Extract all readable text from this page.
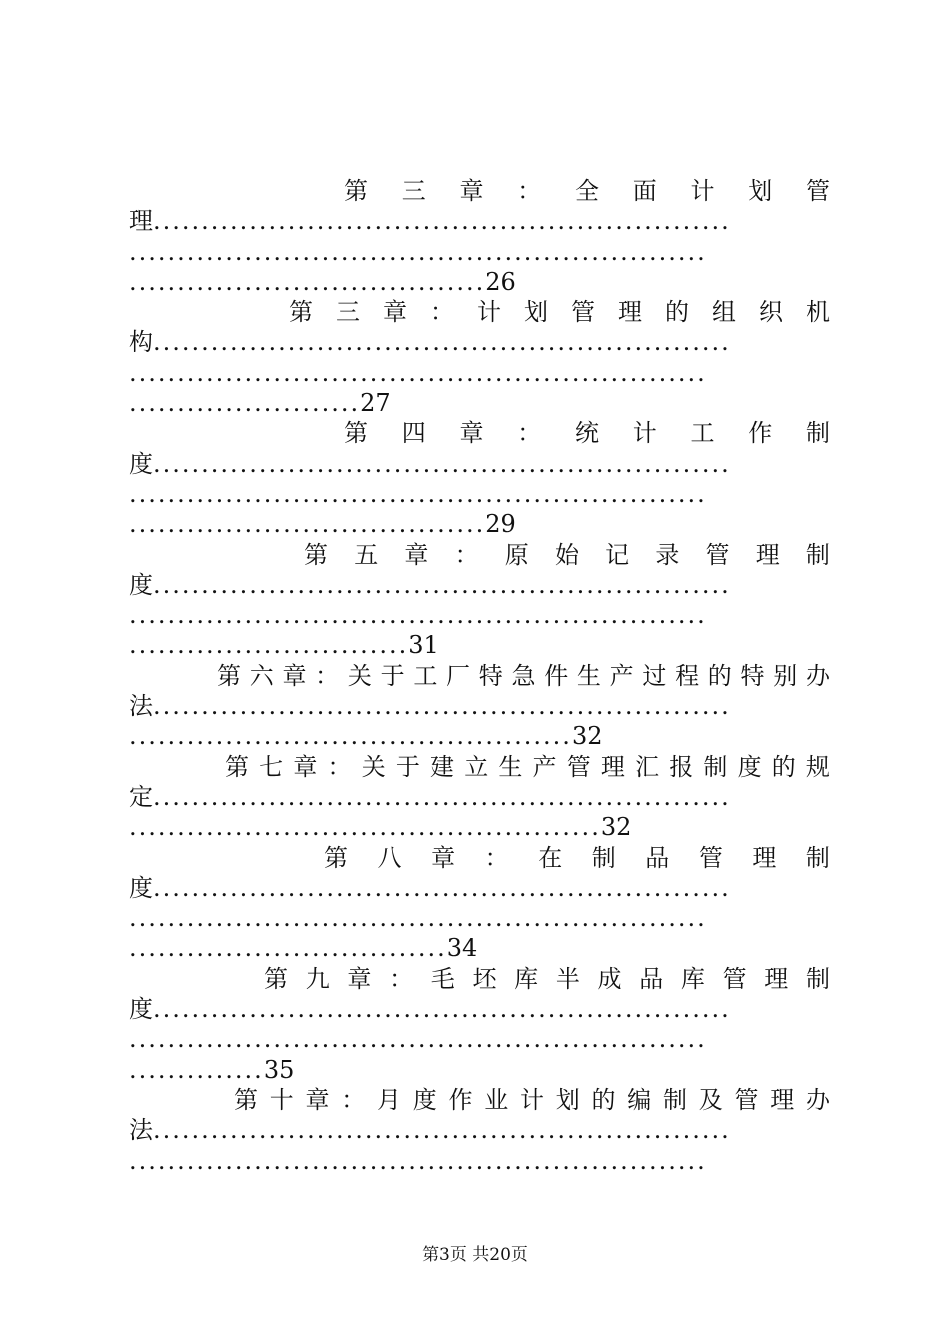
第 三 章 ： 全 面 计 划 管
理 ............................................................
............................................................
.....................................26
第 三 章 ： 计 划 管 理 的 组 织 机
构 ............................................................
............................................................
........................27
第 四 章 ： 统 计 工 作 制
度 ............................................................
............................................................
.....................................29
第 五 章 ： 原 始 记 录 管 理 制
度 ............................................................
............................................................
.............................31
第 六 章 ： 关 于 工 厂 特 急 件 生 产 过 程 的 特 别 办
法 ............................................................
..............................................32
第 七 章 ： 关 于 建 立 生 产 管 理 汇 报 制 度 的 规
定 ............................................................
.................................................32
第 八 章 ： 在 制 品 管 理 制
度 ............................................................
............................................................
.................................34
第 九 章 ： 毛 坯 库 半 成 品 库 管 理 制
度 ............................................................
............................................................
..............35
第 十 章 ： 月 度 作 业 计 划 的 编 制 及 管 理 办
法 ............................................................
............................................................
第3页 共20页
